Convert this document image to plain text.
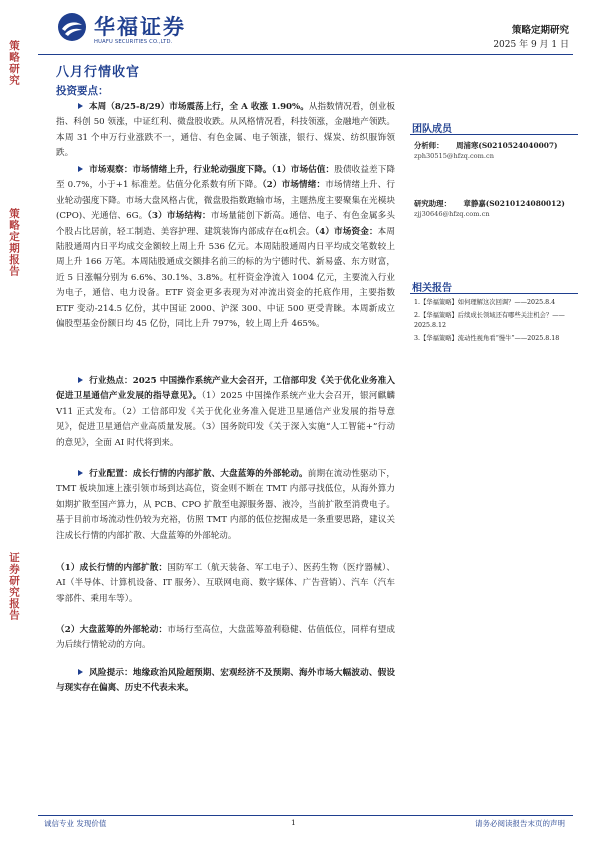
策略研究
策略定期报告
证券研究报告
华福证券
HUAFU SECURITIES CO.,LTD.
策略定期研究
2025 年 9 月 1 日
八月行情收官
投资要点：

本周（8/25-8/29）市场震荡上行，全 A 收涨 1.90%。从指数情况看，创业板指、科创 50 领涨，中证红利、微盘股收跌。从风格情况看，科技领涨，金融地产领跌。本周 31 个申万行业涨跌不一，通信、有色金属、电子领涨，银行、煤炭、纺织服饰领跌。

市场观察：市场情绪上升，行业轮动强度下降。（1）市场估值：股债收益差下降至 0.7%，小于+1 标准差。估值分化系数有所下降。（2）市场情绪：市场情绪上升、行业轮动强度下降。市场大盘风格占优，微盘股指数跑输市场，主题热度主要聚集在光模块(CPO)、光通信、6G。（3）市场结构：市场量能创下新高。通信、电子、有色金属多头个股占比居前，轻工制造、美容护理、建筑装饰内部成存在α机会。（4）市场资金：本周陆股通周内日平均成交金额较上周上升 536 亿元。本周陆股通周内日平均成交笔数较上周上升 166 万笔。本周陆股通成交额排名前三的标的为宁德时代、新易盛、东方财富，近 5 日涨幅分别为 6.6%、30.1%、3.8%。杠杆资金净流入 1004 亿元，主要流入行业为电子，通信、电力设备。ETF 资金更多表现为对冲流出资金的托底作用，主要指数 ETF 变动-214.5 亿份，其中国证 2000、沪深 300、中证 500 更受青睐。本周新成立偏股型基金份额日均 45 亿份，同比上升 797%，较上周上升 465%。

行业热点：2025 中国操作系统产业大会召开，工信部印发《关于优化业务准入促进卫星通信产业发展的指导意见》。（1）2025 中国操作系统产业大会召开，银河麒麟 V11 正式发布。（2）工信部印发《关于优化业务准入促进卫星通信产业发展的指导意见》，促进卫星通信产业高质量发展。（3）国务院印发《关于深入实施“人工智能+”行动的意见》，全面 AI 时代将到来。

行业配置：成长行情的内部扩散、大盘蓝筹的外部轮动。前期在流动性驱动下，TMT 板块加速上涨引领市场到达高位，资金则不断在 TMT 内部寻找低位，从海外算力如期扩散至国产算力，从 PCB、CPO 扩散至电源服务器、液冷，当前扩散至消费电子。基于目前市场流动性仍较为充裕，仿照 TMT 内部的低位挖掘成是一条重要思路，建议关注成长行情的内部扩散、大盘蓝筹的外部轮动。

（1）成长行情的内部扩散：国防军工（航天装备、军工电子）、医药生物（医疗器械）、AI（半导体、计算机设备、IT 服务）、互联网电商、数字媒体、广告营销）、汽车（汽车零部件、乘用车等）。

（2）大盘蓝筹的外部轮动：市场行至高位，大盘蓝筹盈利稳健、估值低位，同样有望成为后续行情轮动的方向。

风险提示：地缘政治风险超预期、宏观经济不及预期、海外市场大幅波动、假设与现实存在偏离、历史不代表未来。

团队成员
分析师： 周浦寒(S0210524040007)
zph30515@hfzq.com.cn
研究助理： 章静嘉(S0210124080012)
zjj30646@hfzq.com.cn
相关报告
1.【华福策略】如何理解这次回调？——2025.8.4
2.【华福策略】后续成长领域还有哪些关注机会？——2025.8.12
3.【华福策略】流动性视角看“慢牛”——2025.8.18
诚信专业 发现价值	1	请务必阅读报告末页的声明
